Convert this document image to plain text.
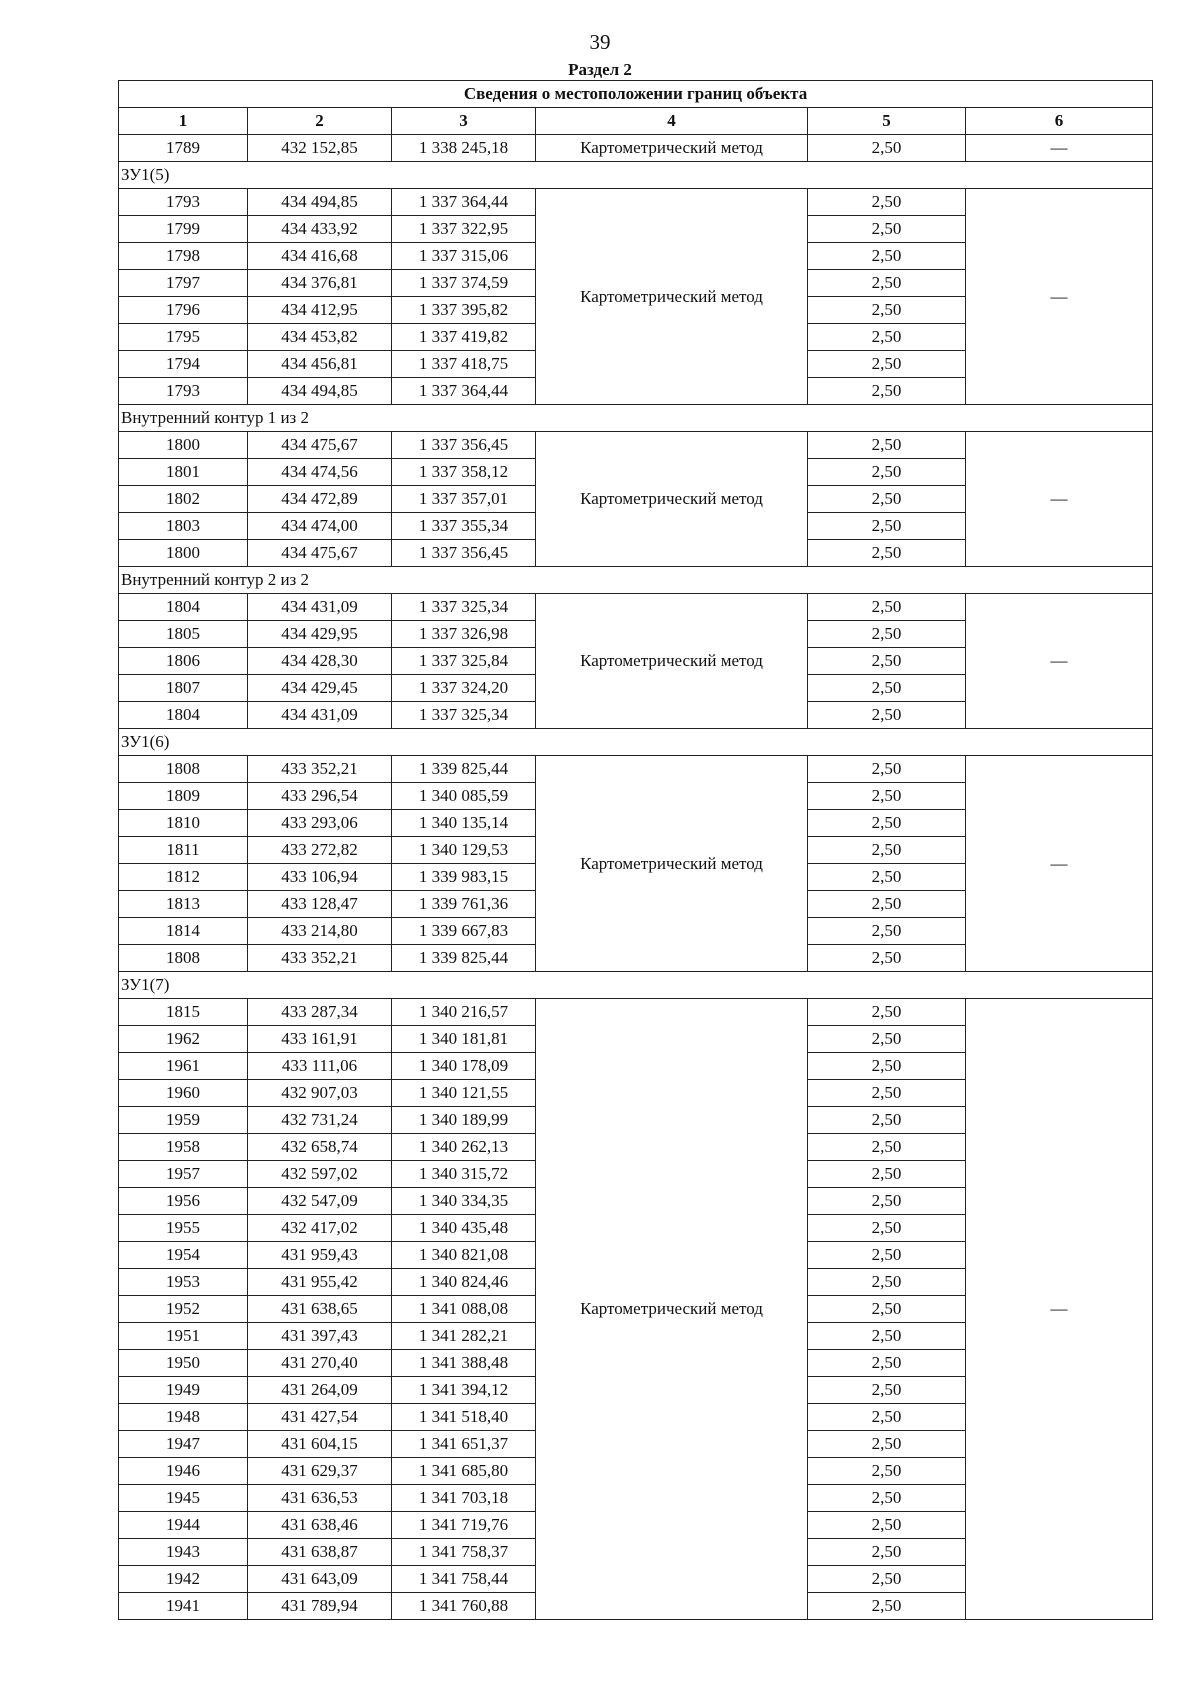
39
Раздел 2
Сведения о местоположении границ объекта					
1	2	3	4	5	6
1789	432 152,85	1 338 245,18	Картометрический метод	2,50	—
ЗУ1(5)					
1793	434 494,85	1 337 364,44	Картометрический метод	2,50	—
1799	434 433,92	1 337 322,95		2,50	
1798	434 416,68	1 337 315,06		2,50	
1797	434 376,81	1 337 374,59		2,50	
1796	434 412,95	1 337 395,82		2,50	
1795	434 453,82	1 337 419,82		2,50	
1794	434 456,81	1 337 418,75		2,50	
1793	434 494,85	1 337 364,44		2,50	
Внутренний контур 1 из 2					
1800	434 475,67	1 337 356,45	Картометрический метод	2,50	—
1801	434 474,56	1 337 358,12		2,50	
1802	434 472,89	1 337 357,01		2,50	
1803	434 474,00	1 337 355,34		2,50	
1800	434 475,67	1 337 356,45		2,50	
Внутренний контур 2 из 2					
1804	434 431,09	1 337 325,34	Картометрический метод	2,50	—
1805	434 429,95	1 337 326,98		2,50	
1806	434 428,30	1 337 325,84		2,50	
1807	434 429,45	1 337 324,20		2,50	
1804	434 431,09	1 337 325,34		2,50	
ЗУ1(6)					
1808	433 352,21	1 339 825,44	Картометрический метод	2,50	—
1809	433 296,54	1 340 085,59		2,50	
1810	433 293,06	1 340 135,14		2,50	
1811	433 272,82	1 340 129,53		2,50	
1812	433 106,94	1 339 983,15		2,50	
1813	433 128,47	1 339 761,36		2,50	
1814	433 214,80	1 339 667,83		2,50	
1808	433 352,21	1 339 825,44		2,50	
ЗУ1(7)					
1815	433 287,34	1 340 216,57	Картометрический метод	2,50	—
1962	433 161,91	1 340 181,81		2,50	
1961	433 111,06	1 340 178,09		2,50	
1960	432 907,03	1 340 121,55		2,50	
1959	432 731,24	1 340 189,99		2,50	
1958	432 658,74	1 340 262,13		2,50	
1957	432 597,02	1 340 315,72		2,50	
1956	432 547,09	1 340 334,35		2,50	
1955	432 417,02	1 340 435,48		2,50	
1954	431 959,43	1 340 821,08		2,50	
1953	431 955,42	1 340 824,46		2,50	
1952	431 638,65	1 341 088,08		2,50	
1951	431 397,43	1 341 282,21		2,50	
1950	431 270,40	1 341 388,48		2,50	
1949	431 264,09	1 341 394,12		2,50	
1948	431 427,54	1 341 518,40		2,50	
1947	431 604,15	1 341 651,37		2,50	
1946	431 629,37	1 341 685,80		2,50	
1945	431 636,53	1 341 703,18		2,50	
1944	431 638,46	1 341 719,76		2,50	
1943	431 638,87	1 341 758,37		2,50	
1942	431 643,09	1 341 758,44		2,50	
1941	431 789,94	1 341 760,88		2,50	
